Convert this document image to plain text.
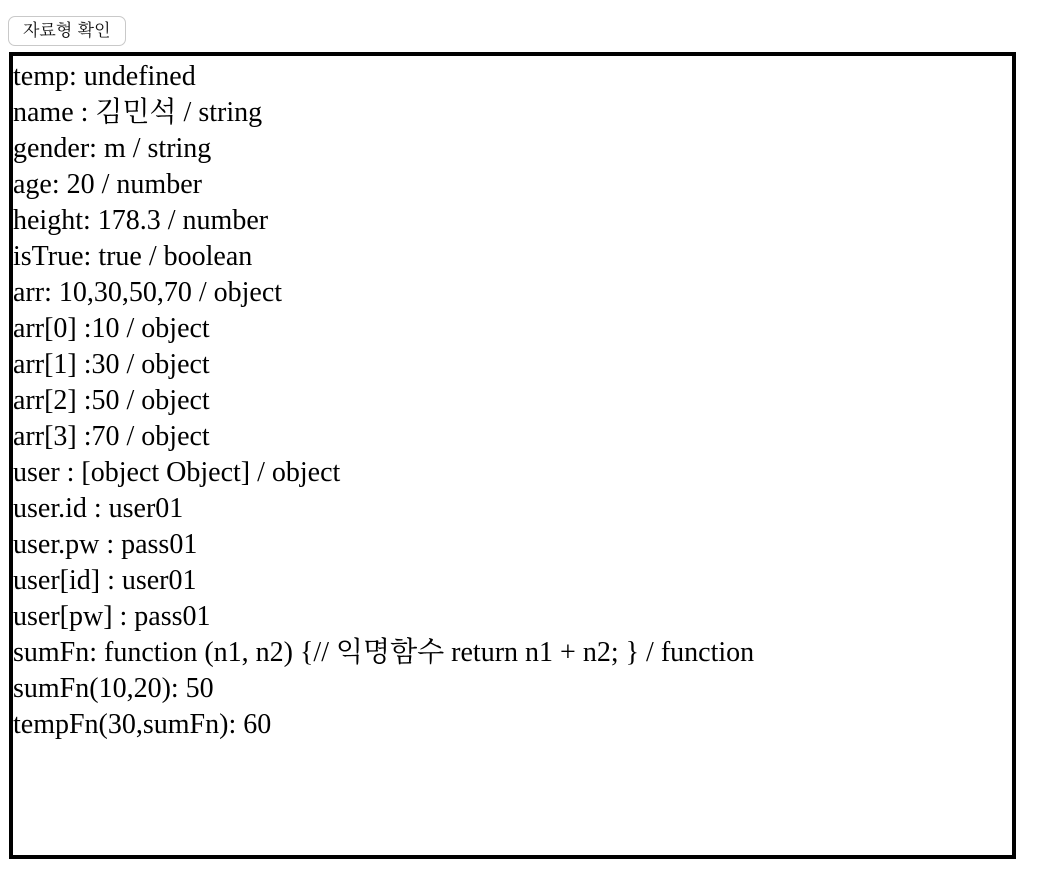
자료형 확인
temp: undefined
name : 김민석 / string
gender: m / string
age: 20 / number
height: 178.3 / number
isTrue: true / boolean
arr: 10,30,50,70 / object
arr[0] :10 / object
arr[1] :30 / object
arr[2] :50 / object
arr[3] :70 / object
user : [object Object] / object
user.id : user01
user.pw : pass01
user[id] : user01
user[pw] : pass01
sumFn: function (n1, n2) {// 익명함수 return n1 + n2; } / function
sumFn(10,20): 50
tempFn(30,sumFn): 60
